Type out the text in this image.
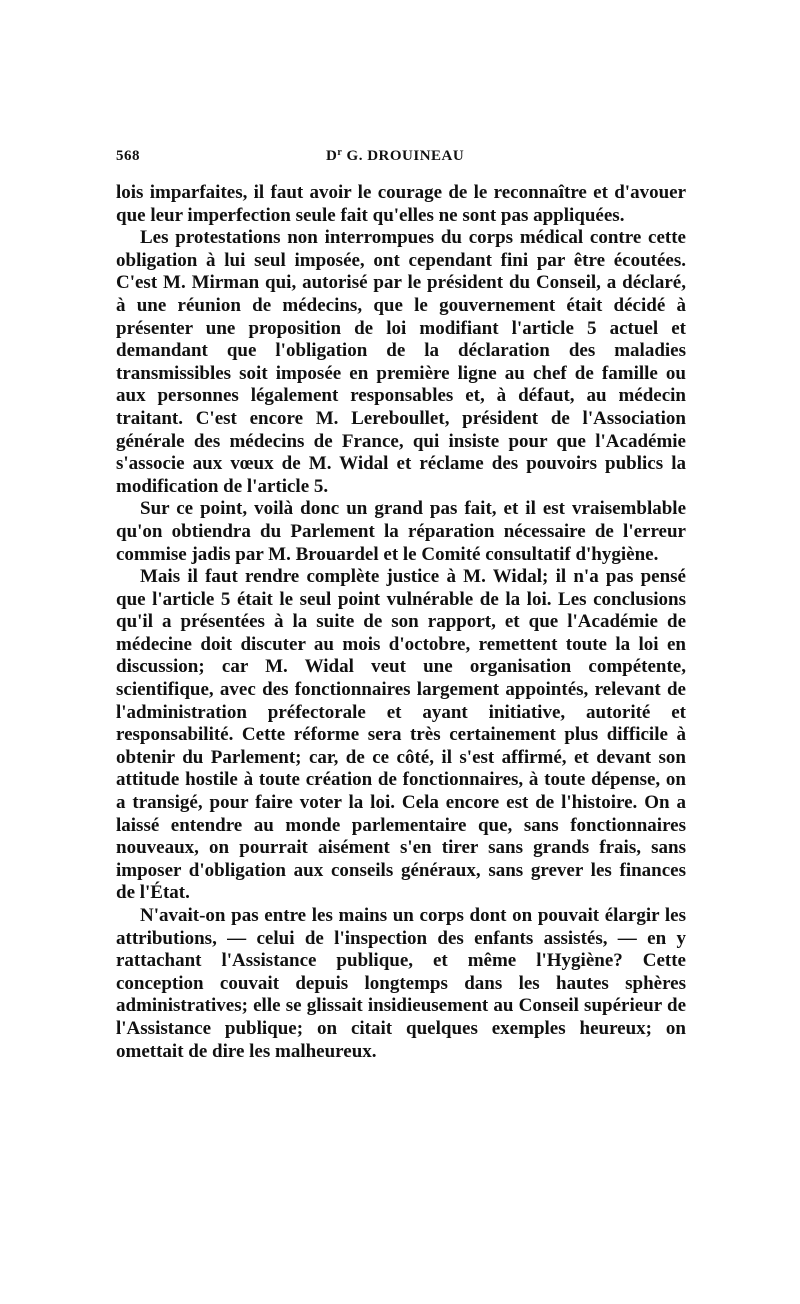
568	$D^r$ G. DROUINEAU

lois imparfaites, il faut avoir le courage de le reconnaître et d'avouer que leur imperfection seule fait qu'elles ne sont pas appliquées.

Les protestations non interrompues du corps médical contre cette obligation à lui seul imposée, ont cependant fini par être écoutées. C'est M. Mirman qui, autorisé par le président du Conseil, a déclaré, à une réunion de médecins, que le gouvernement était décidé à présenter une proposition de loi modifiant l'article 5 actuel et demandant que l'obligation de la déclaration des maladies transmissibles soit imposée en première ligne au chef de famille ou aux personnes légalement responsables et, à défaut, au médecin traitant. C'est encore M. Lereboullet, président de l'Association générale des médecins de France, qui insiste pour que l'Académie s'associe aux vœux de M. Widal et réclame des pouvoirs publics la modification de l'article 5.

Sur ce point, voilà donc un grand pas fait, et il est vraisemblable qu'on obtiendra du Parlement la réparation nécessaire de l'erreur commise jadis par M. Brouardel et le Comité consultatif d'hygiène.

Mais il faut rendre complète justice à M. Widal; il n'a pas pensé que l'article 5 était le seul point vulnérable de la loi. Les conclusions qu'il a présentées à la suite de son rapport, et que l'Académie de médecine doit discuter au mois d'octobre, remettent toute la loi en discussion; car M. Widal veut une organisation compétente, scientifique, avec des fonctionnaires largement appointés, relevant de l'administration préfectorale et ayant initiative, autorité et responsabilité. Cette réforme sera très certainement plus difficile à obtenir du Parlement; car, de ce côté, il s'est affirmé, et devant son attitude hostile à toute création de fonctionnaires, à toute dépense, on a transigé, pour faire voter la loi. Cela encore est de l'histoire. On a laissé entendre au monde parlementaire que, sans fonctionnaires nouveaux, on pourrait aisément s'en tirer sans grands frais, sans imposer d'obligation aux conseils généraux, sans grever les finances de l'État.

N'avait-on pas entre les mains un corps dont on pouvait élargir les attributions, — celui de l'inspection des enfants assistés, — en y rattachant l'Assistance publique, et même l'Hygiène? Cette conception couvait depuis longtemps dans les hautes sphères administratives; elle se glissait insidieusement au Conseil supérieur de l'Assistance publique; on citait quelques exemples heureux; on omettait de dire les malheureux.
